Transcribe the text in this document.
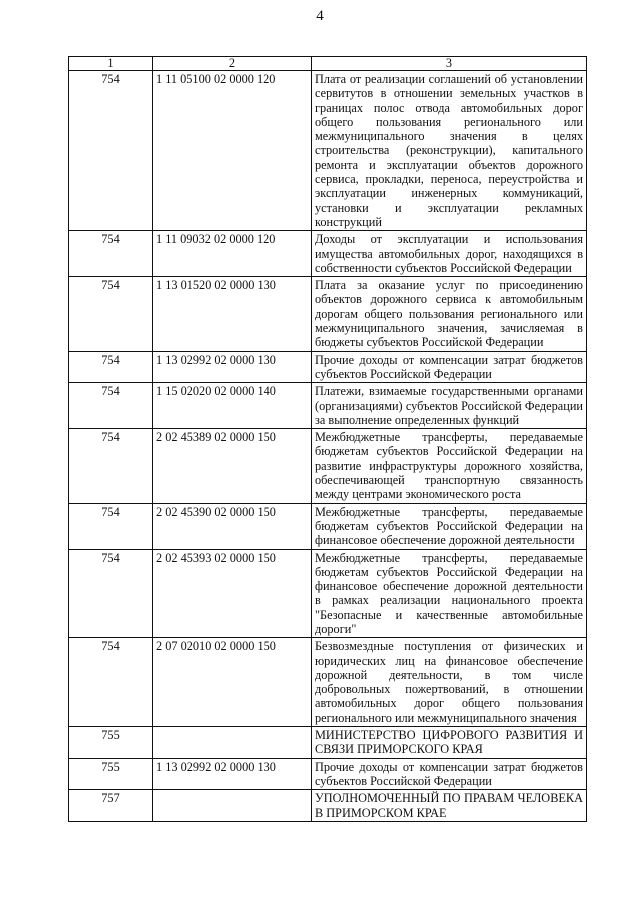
4
1	2	3
754	1 11 05100 02 0000 120	Плата от реализации соглашений об установлении сервитутов в отношении земельных участков в границах полос отвода автомобильных дорог общего пользования регионального или межмуниципального значения в целях строительства (реконструкции), капитального ремонта и эксплуатации объектов дорожного сервиса, прокладки, переноса, переустройства и эксплуатации инженерных коммуникаций, установки и эксплуатации рекламных конструкций
754	1 11 09032 02 0000 120	Доходы от эксплуатации и использования имущества автомобильных дорог, находящихся в собственности субъектов Российской Федерации
754	1 13 01520 02 0000 130	Плата за оказание услуг по присоединению объектов дорожного сервиса к автомобильным дорогам общего пользования регионального или межмуниципального значения, зачисляемая в бюджеты субъектов Российской Федерации
754	1 13 02992 02 0000 130	Прочие доходы от компенсации затрат бюджетов субъектов Российской Федерации
754	1 15 02020 02 0000 140	Платежи, взимаемые государственными органами (организациями) субъектов Российской Федерации за выполнение определенных функций
754	2 02 45389 02 0000 150	Межбюджетные трансферты, передаваемые бюджетам субъектов Российской Федерации на развитие инфраструктуры дорожного хозяйства, обеспечивающей транспортную связанность между центрами экономического роста
754	2 02 45390 02 0000 150	Межбюджетные трансферты, передаваемые бюджетам субъектов Российской Федерации на финансовое обеспечение дорожной деятельности
754	2 02 45393 02 0000 150	Межбюджетные трансферты, передаваемые бюджетам субъектов Российской Федерации на финансовое обеспечение дорожной деятельности в рамках реализации национального проекта "Безопасные и качественные автомобильные дороги"
754	2 07 02010 02 0000 150	Безвозмездные поступления от физических и юридических лиц на финансовое обеспечение дорожной деятельности, в том числе добровольных пожертвований, в отношении автомобильных дорог общего пользования регионального или межмуниципального значения
755		МИНИСТЕРСТВО ЦИФРОВОГО РАЗВИТИЯ И СВЯЗИ ПРИМОРСКОГО КРАЯ
755	1 13 02992 02 0000 130	Прочие доходы от компенсации затрат бюджетов субъектов Российской Федерации
757		УПОЛНОМОЧЕННЫЙ ПО ПРАВАМ ЧЕЛОВЕКА В ПРИМОРСКОМ КРАЕ
